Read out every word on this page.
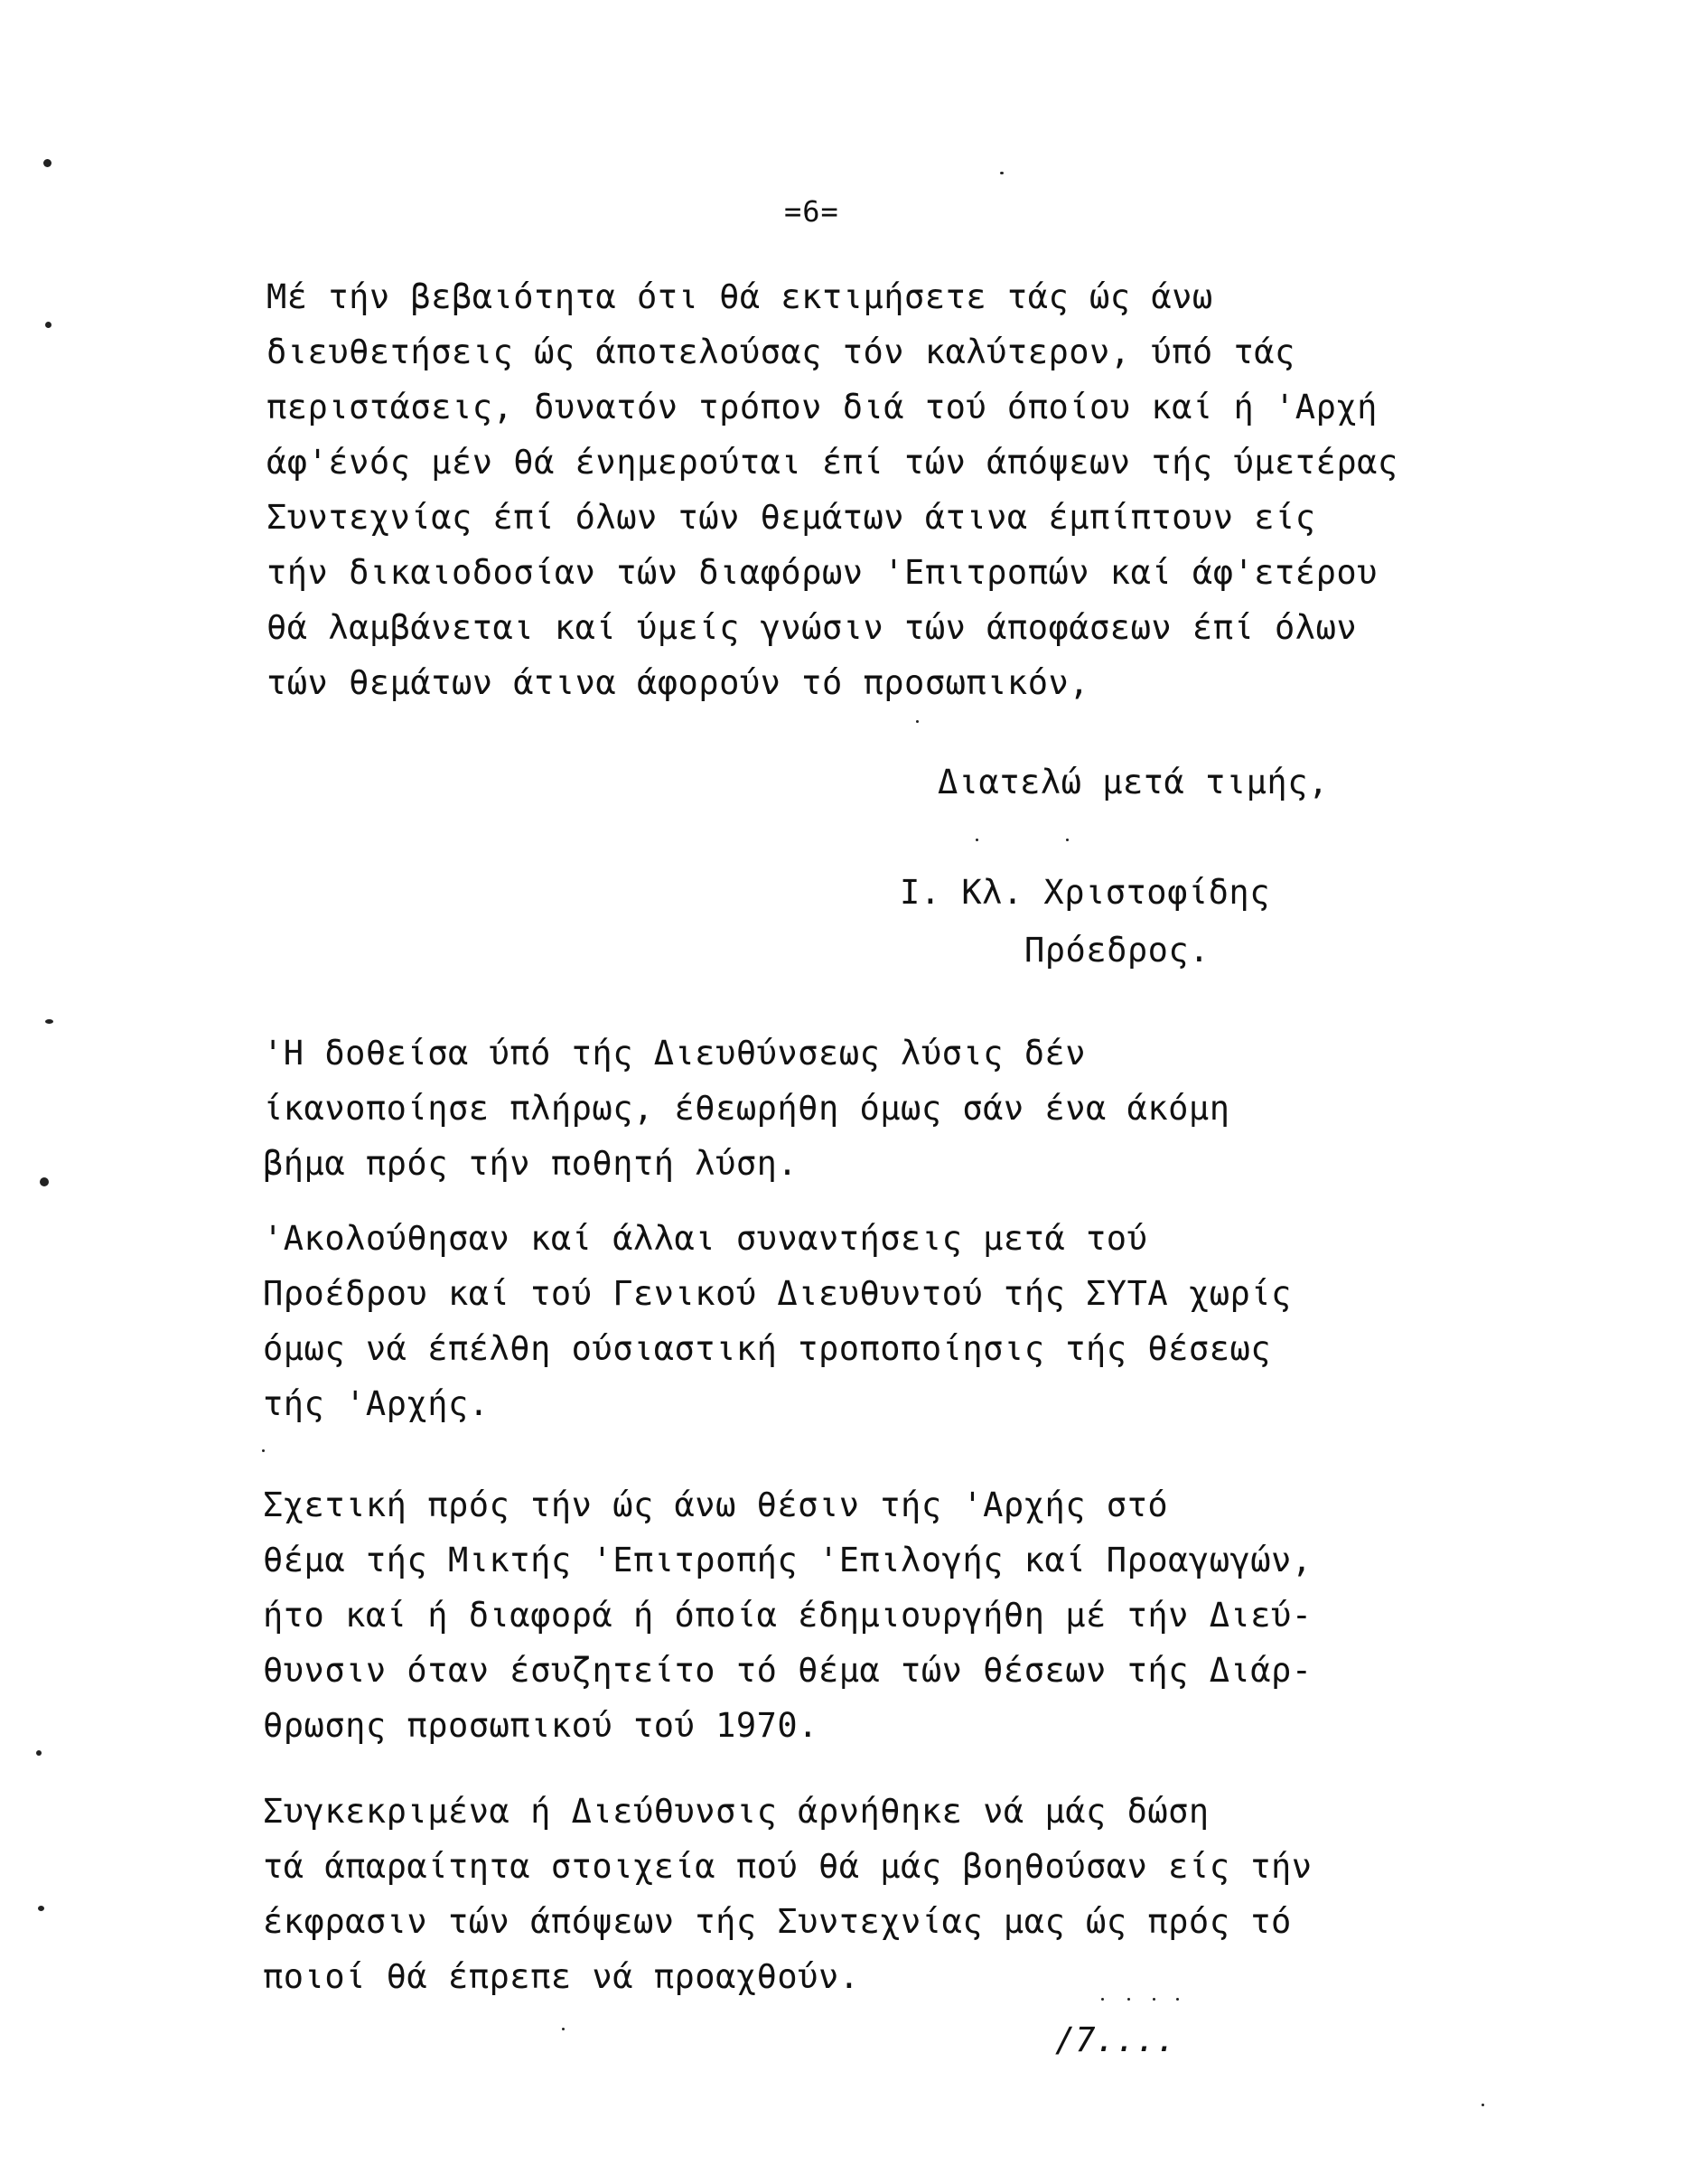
=6=

Μέ τήν βεβαιότητα ότι θά εκτιμήσετε τάς ώς άνω
διευθετήσεις ώς άποτελούσας τόν καλύτερον, ύπό τάς
περιστάσεις, δυνατόν τρόπον διά τού όποίου καί ή 'Αρχή
άφ'ένός μέν θά ένημερούται έπί τών άπόψεων τής ύμετέρας
Συντεχνίας έπί όλων τών θεμάτων άτινα έμπίπτουν είς
τήν δικαιοδοσίαν τών διαφόρων 'Επιτροπών καί άφ'ετέρου
θά λαμβάνεται καί ύμείς γνώσιν τών άποφάσεων έπί όλων
τών θεμάτων άτινα άφορούν τό προσωπικόν,

Διατελώ μετά τιμής,

Ι. Κλ. Χριστοφίδης

Πρόεδρος.

'Η δοθείσα ύπό τής Διευθύνσεως λύσις δέν
ίκανοποίησε πλήρως, έθεωρήθη όμως σάν ένα άκόμη
βήμα πρός τήν ποθητή λύση.

'Ακολούθησαν καί άλλαι συναντήσεις μετά τού
Προέδρου καί τού Γενικού Διευθυντού τής ΣΥΤΑ χωρίς
όμως νά έπέλθη ούσιαστική τροποποίησις τής θέσεως
τής 'Αρχής.

Σχετική πρός τήν ώς άνω θέσιν τής 'Αρχής στό
θέμα τής Μικτής 'Επιτροπής 'Επιλογής καί Προαγωγών,
ήτο καί ή διαφορά ή όποία έδημιουργήθη μέ τήν Διεύ-
θυνσιν όταν έσυζητείτο τό θέμα τών θέσεων τής Διάρ-
θρωσης προσωπικού τού 1970.

Συγκεκριμένα ή Διεύθυνσις άρνήθηκε νά μάς δώση
τά άπαραίτητα στοιχεία πού θά μάς βοηθούσαν είς τήν
έκφρασιν τών άπόψεων τής Συντεχνίας μας ώς πρός τό
ποιοί θά έπρεπε νά προαχθούν.

/7....
